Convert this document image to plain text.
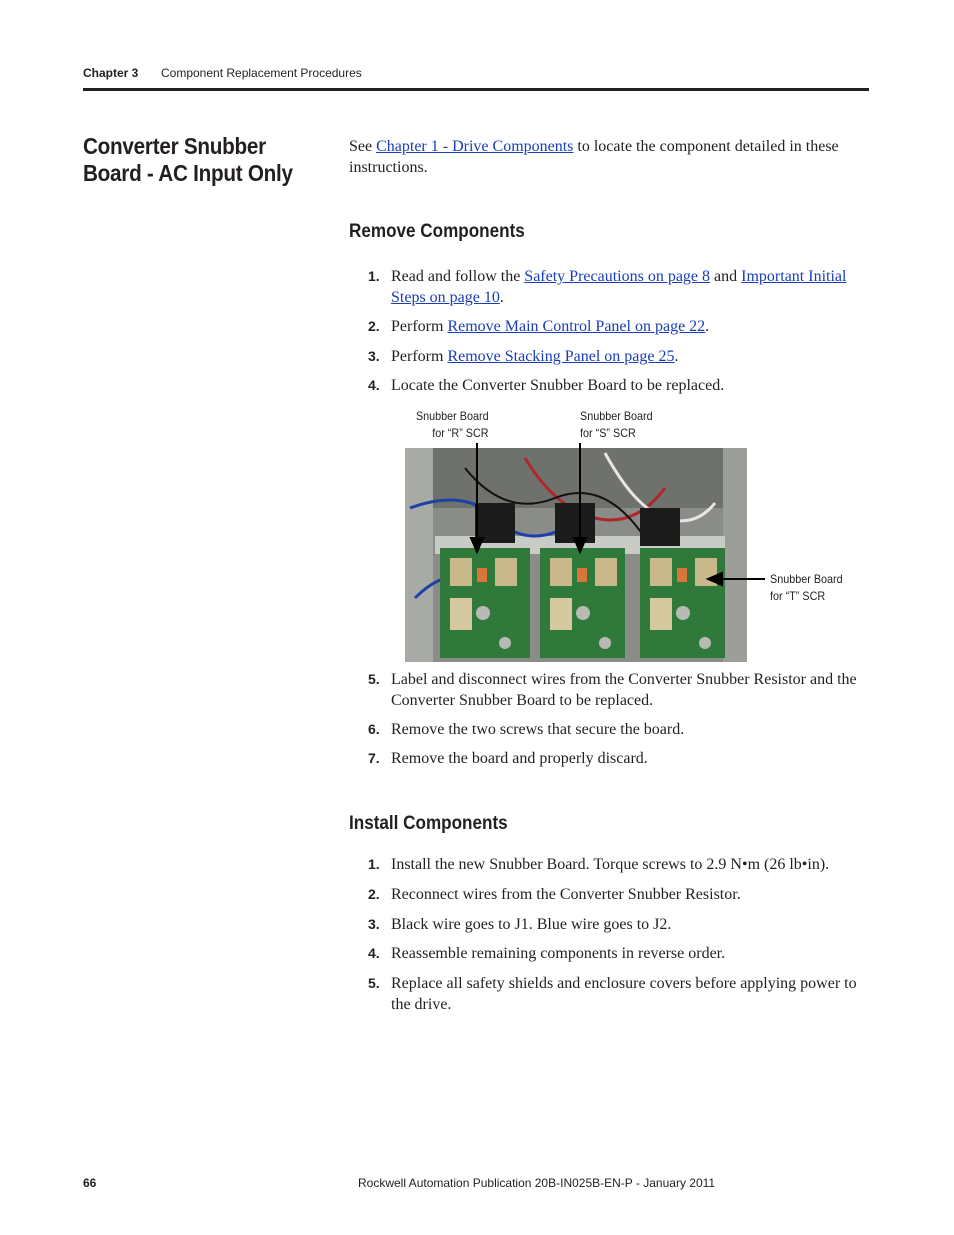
Chapter 3 Component Replacement Procedures
Converter Snubber Board - AC Input Only
See Chapter 1 - Drive Components to locate the component detailed in these instructions.
Remove Components
1. Read and follow the Safety Precautions on page 8 and Important Initial Steps on page 10.
2. Perform Remove Main Control Panel on page 22.
3. Perform Remove Stacking Panel on page 25.
4. Locate the Converter Snubber Board to be replaced.
Snubber Board
for “R” SCR
Snubber Board
for “S” SCR
Snubber Board
for “T” SCR
5. Label and disconnect wires from the Converter Snubber Resistor and the Converter Snubber Board to be replaced.
6. Remove the two screws that secure the board.
7. Remove the board and properly discard.
Install Components
1. Install the new Snubber Board. Torque screws to 2.9 N•m (26 lb•in).
2. Reconnect wires from the Converter Snubber Resistor.
3. Black wire goes to J1. Blue wire goes to J2.
4. Reassemble remaining components in reverse order.
5. Replace all safety shields and enclosure covers before applying power to the drive.
66	Rockwell Automation Publication 20B-IN025B-EN-P - January 2011
